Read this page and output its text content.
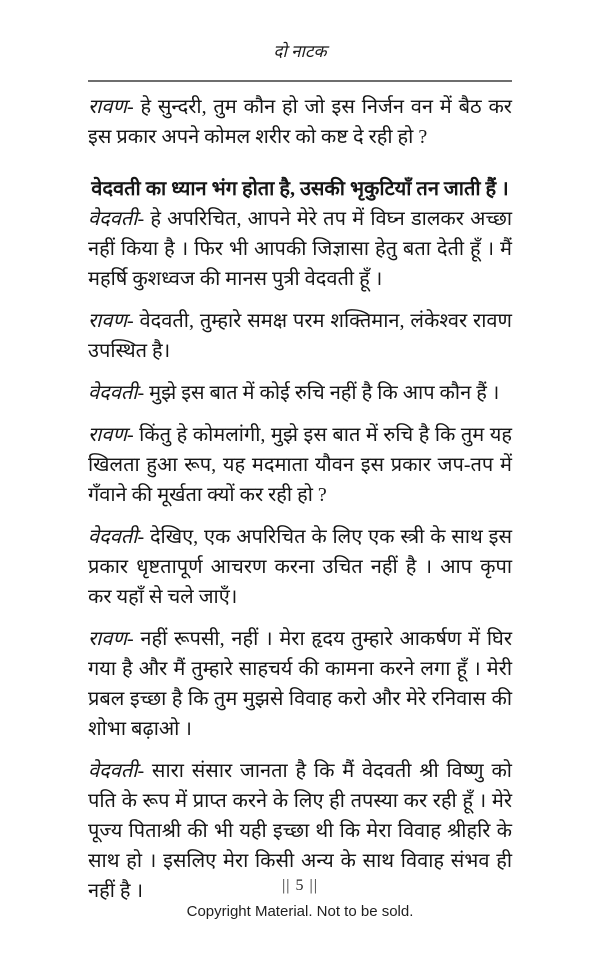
दो नाटक

रावण- हे सुन्दरी, तुम कौन हो जो इस निर्जन वन में बैठ कर इस प्रकार अपने कोमल शरीर को कष्ट दे रही हो ?

वेदवती का ध्यान भंग होता है, उसकी भृकुटियाँ तन जाती हैं ।

वेदवती- हे अपरिचित, आपने मेरे तप में विघ्न डालकर अच्छा नहीं किया है । फिर भी आपकी जिज्ञासा हेतु बता देती हूँ । मैं महर्षि कुशध्वज की मानस पुत्री वेदवती हूँ ।

रावण- वेदवती, तुम्हारे समक्ष परम शक्तिमान, लंकेश्वर रावण उपस्थित है।

वेदवती- मुझे इस बात में कोई रुचि नहीं है कि आप कौन हैं ।

रावण- किंतु हे कोमलांगी, मुझे इस बात में रुचि है कि तुम यह खिलता हुआ रूप, यह मदमाता यौवन इस प्रकार जप-तप में गँवाने की मूर्खता क्यों कर रही हो ?

वेदवती- देखिए, एक अपरिचित के लिए एक स्त्री के साथ इस प्रकार धृष्टतापूर्ण आचरण करना उचित नहीं है । आप कृपा कर यहाँ से चले जाएँ।

रावण- नहीं रूपसी, नहीं । मेरा हृदय तुम्हारे आकर्षण में घिर गया है और मैं तुम्हारे साहचर्य की कामना करने लगा हूँ । मेरी प्रबल इच्छा है कि तुम मुझसे विवाह करो और मेरे रनिवास की शोभा बढ़ाओ ।

वेदवती- सारा संसार जानता है कि मैं वेदवती श्री विष्णु को पति के रूप में प्राप्त करने के लिए ही तपस्या कर रही हूँ । मेरे पूज्य पिताश्री की भी यही इच्छा थी कि मेरा विवाह श्रीहरि के साथ हो । इसलिए मेरा किसी अन्य के साथ विवाह संभव ही नहीं है ।	|| 5 ||
Copyright Material. Not to be sold.
